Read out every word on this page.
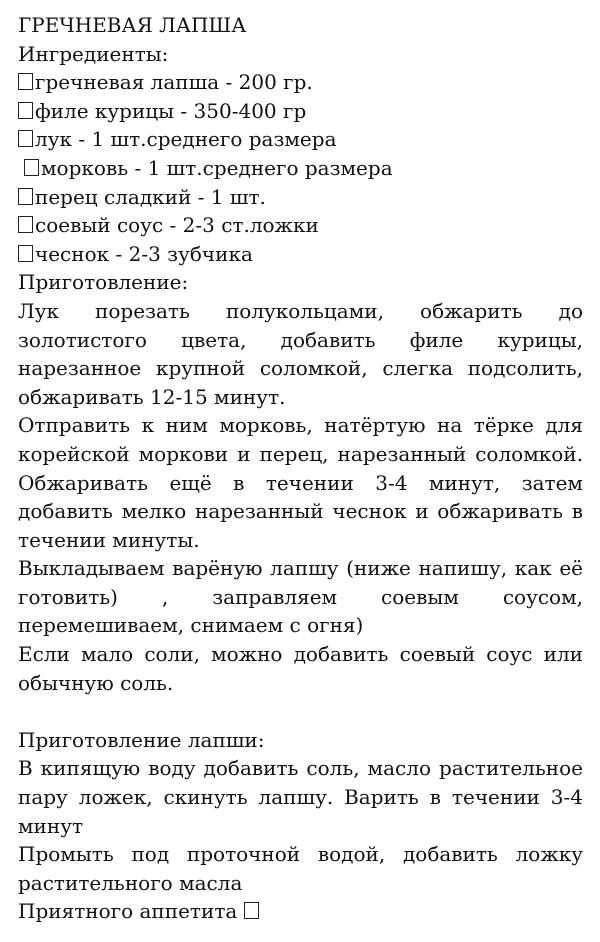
ГРЕЧНЕВАЯ ЛАПША
Ингредиенты:
гречневая лапша - 200 гр.
филе курицы - 350-400 гр
лук - 1 шт.среднего размера
морковь - 1 шт.среднего размера
перец сладкий - 1 шт.
соевый соус - 2-3 ст.ложки
чеснок - 2-3 зубчика
Приготовление:

Лук порезать полукольцами, обжарить до золотистого цвета, добавить филе курицы, нарезанное крупной соломкой, слегка подсолить, обжаривать 12-15 минут.

Отправить к ним морковь, натёртую на тёрке для корейской моркови и перец, нарезанный соломкой. Обжаривать ещё в течении 3-4 минут, затем добавить мелко нарезанный чеснок и обжаривать в течении минуты.

Выкладываем варёную лапшу (ниже напишу, как её готовить) , заправляем соевым соусом, перемешиваем, снимаем с огня)

Если мало соли, можно добавить соевый соус или обычную соль.

Приготовление лапши:

В кипящую воду добавить соль, масло растительное пару ложек, скинуть лапшу. Варить в течении 3-4 минут

Промыть под проточной водой, добавить ложку растительного масла

Приятного аппетита
